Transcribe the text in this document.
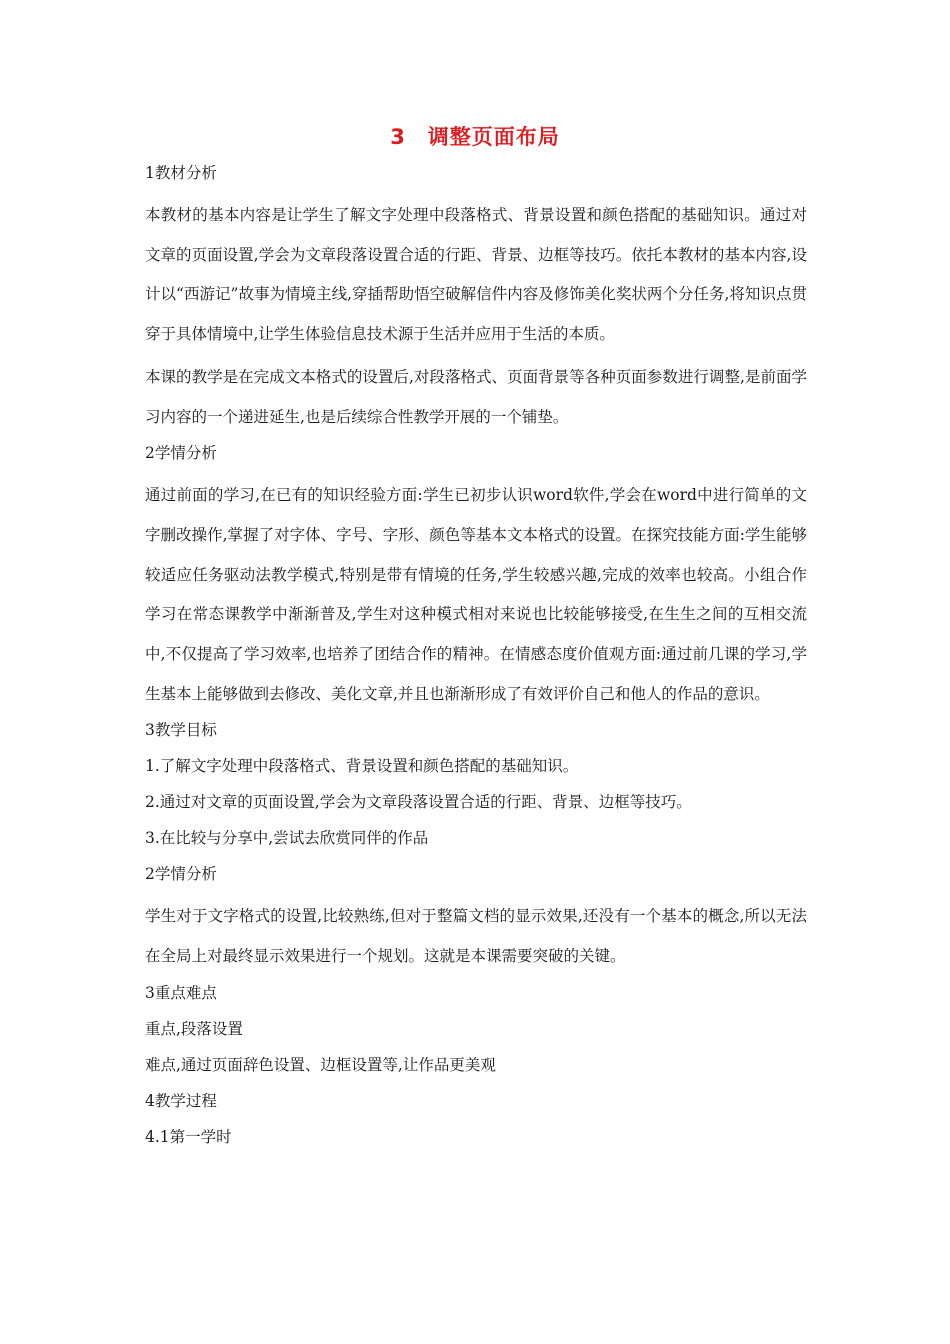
3　调整页面布局
1教材分析
本教材的基本内容是让学生了解文字处理中段落格式、背景设置和颜色搭配的基础知识。通过对文章的页面设置,学会为文章段落设置合适的行距、背景、边框等技巧。依托本教材的基本内容,设计以“西游记”故事为情境主线,穿插帮助悟空破解信件内容及修饰美化奖状两个分任务,将知识点贯穿于具体情境中,让学生体验信息技术源于生活并应用于生活的本质。
本课的教学是在完成文本格式的设置后,对段落格式、页面背景等各种页面参数进行调整,是前面学习内容的一个递进延生,也是后续综合性教学开展的一个铺垫。
2学情分析
通过前面的学习,在已有的知识经验方面:学生已初步认识word软件,学会在word中进行简单的文字删改操作,掌握了对字体、字号、字形、颜色等基本文本格式的设置。在探究技能方面:学生能够较适应任务驱动法教学模式,特别是带有情境的任务,学生较感兴趣,完成的效率也较高。小组合作学习在常态课教学中渐渐普及,学生对这种模式相对来说也比较能够接受,在生生之间的互相交流中,不仅提高了学习效率,也培养了团结合作的精神。在情感态度价值观方面:通过前几课的学习,学生基本上能够做到去修改、美化文章,并且也渐渐形成了有效评价自己和他人的作品的意识。
3教学目标
1.了解文字处理中段落格式、背景设置和颜色搭配的基础知识。
2.通过对文章的页面设置,学会为文章段落设置合适的行距、背景、边框等技巧。
3.在比较与分享中,尝试去欣赏同伴的作品
2学情分析
学生对于文字格式的设置,比较熟练,但对于整篇文档的显示效果,还没有一个基本的概念,所以无法在全局上对最终显示效果进行一个规划。这就是本课需要突破的关键。
3重点难点
重点,段落设置
难点,通过页面辞色设置、边框设置等,让作品更美观
4教学过程
4.1第一学时
